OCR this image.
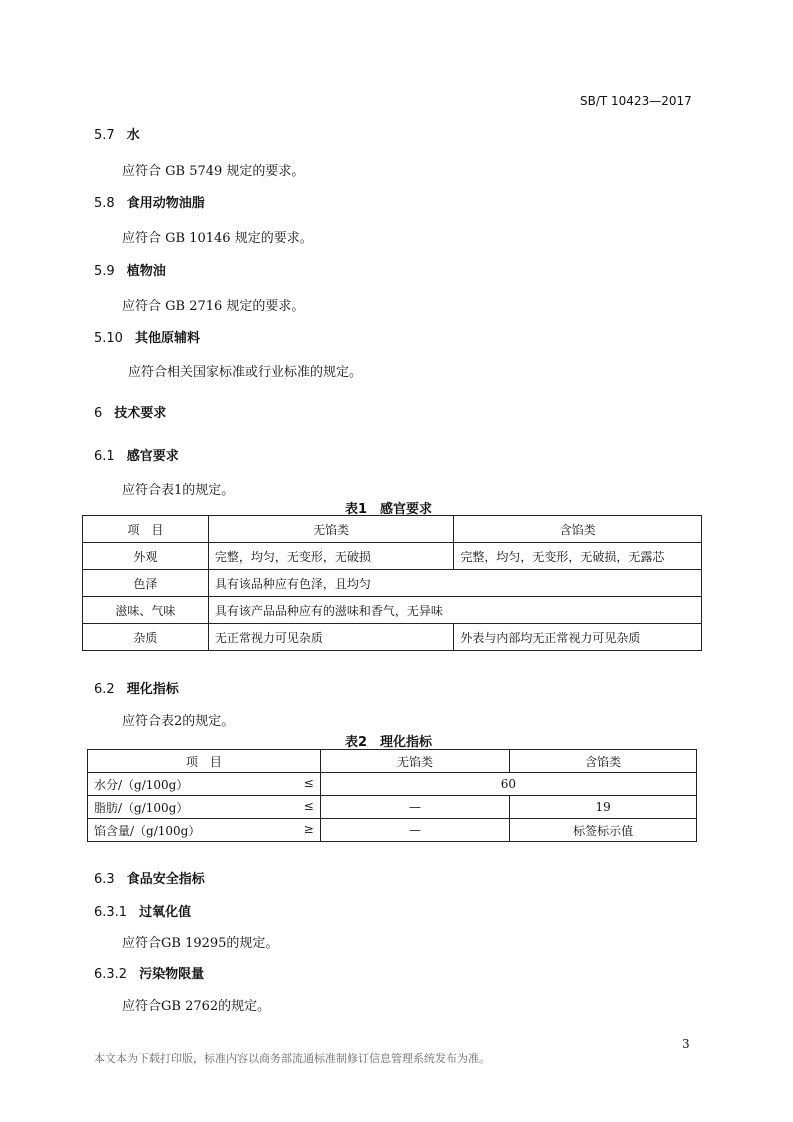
SB/T 10423—2017
5.7 水
应符合 GB 5749 规定的要求。
5.8 食用动物油脂
应符合 GB 10146 规定的要求。
5.9 植物油
应符合 GB 2716 规定的要求。
5.10 其他原辅料
应符合相关国家标准或行业标准的规定。
6 技术要求
6.1 感官要求
应符合表1的规定。
表1　感官要求
项　目	无馅类	含馅类
外观	完整，均匀，无变形，无破损	完整，均匀，无变形，无破损，无露芯
色泽	具有该品种应有色泽，且均匀	
滋味、气味	具有该产品品种应有的滋味和香气，无异味	
杂质	无正常视力可见杂质	外表与内部均无正常视力可见杂质
6.2 理化指标
应符合表2的规定。
表2　理化指标
项　目	无馅类	含馅类
水分/（g/100g） ≤	60	
脂肪/（g/100g） ≤	—	19
馅含量/（g/100g） ≥	—	标签标示值
6.3 食品安全指标
6.3.1 过氧化值
应符合GB 19295的规定。
6.3.2 污染物限量
应符合GB 2762的规定。
3
本文本为下载打印版，标准内容以商务部流通标准制修订信息管理系统发布为准。
